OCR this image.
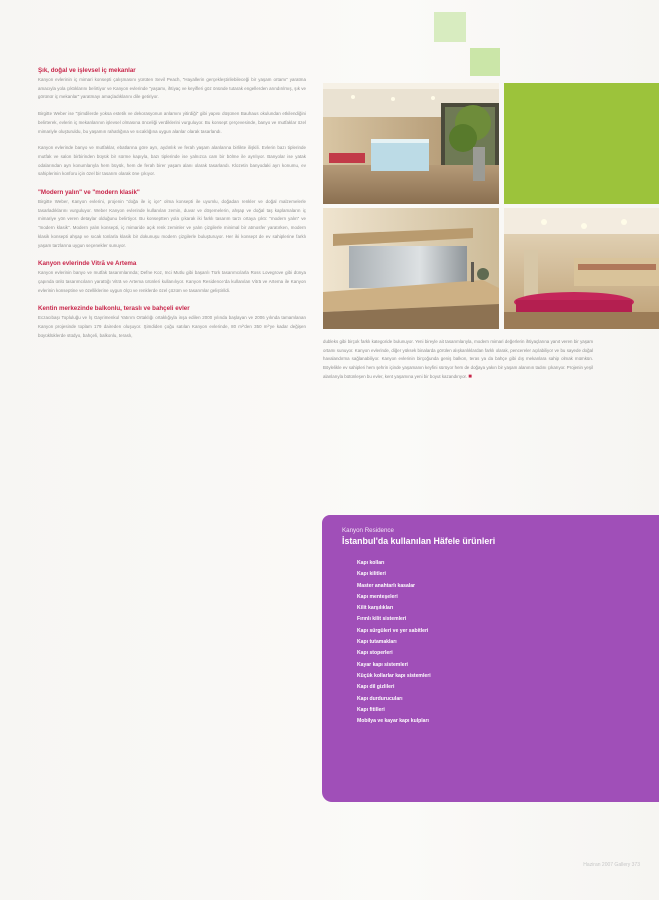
Şık, doğal ve işlevsel iç mekanlar

Kanyon evlerinin iç mimari konsepti çalışmasını yürüten Sevil Peach, "Hayallerin gerçekleştirilebileceği bir yaşam ortamı" yaratma amacıyla yola çıktıklarını belirtiyor ve Kanyon evlerinde "yaşamı, ihtiyaç ve keyifleri göz önünde tutarak engellerden arındırılmış, şık ve görünür iç mekanlar" yaratmayı amaçladıklarını dile getiriyor.

Birgitte Weber ise "Şimdilerde yoksa estetik ve dekorasyonun anlamını yitirdiği" gibi yapısı düşünen Bauhaus okulundan etkilendiğini belirterek, evlerin iç mekanlarının işlevsel olmasına önceliği verdiklerini vurguluyor. Bu konsept çerçevesinde, banyo ve mutfaklar özel mimariyle oluşturuldu, bu yaşamın rahatlığına ve sıcaklığına uygun alanlar olarak tasarlandı.

Kanyon evlerinde banyo ve mutfaklar, ebatlarına göre ayrı, aydınlık ve ferah yaşam alanlarına birlikte ilişkili. Evlerin bazı tiplerinde mutfak ve salon birbirinden büyük bir sürme kapıyla, bazı tiplerinde ise yalnızca cam bir bölme ile ayrılıyor. Banyolar ise yatak odalarından ayrı konumlarıyla hem büyük, hem de ferah birer yaşam alanı olarak tasarlandı. Klozetin banyodaki ayrı konumu, ev sahiplerinin konforu için özel bir tasarım olarak öne çıkıyor.

"Modern yalın" ve "modern klasik"

Birgitte Weber, Kanyon evlerini, projenin "doğa ile iç içe" olma konsepti ile uyumlu, doğadan renkler ve doğal malzemelerle tasarladıklarını vurguluyor. Weber Kanyon evlerinde kullanılan zemin, duvar ve döşemelerin, ahşap ve doğal taş kaplamaların iç mimariye yön veren detaylar olduğunu belirtiyor. Bu konseptten yola çıkarak iki farklı tasarım tarzı ortaya çıktı: "modern yalın" ve "modern klasik". Modern yalın konsepti, iç mimaride açık renk zeminler ve yalın çizgilerle minimal bir atmosfer yaratırken, modern klasik konsepti ahşap ve sıcak tonlarla klasik bir dokunuşu modern çizgilerle buluşturuyor. Her iki konsept de ev sahiplerine farklı yaşam tarzlarına uygun seçenekler sunuyor.

Kanyon evlerinde Vitrā ve Artema

Kanyon evlerinin banyo ve mutfak tasarımlarında; Defne Koz, Inci Mutlu gibi başarılı Türk tasarımcılarla Ross Lovegrove gibi dünya çapında ünlü tasarımcıların yarattığı Vitrā ve Artema ürünleri kullanılıyor. Kanyon Residence'da kullanılan Vitrā ve Artema ile Kanyon evlerinin konseptine ve özelliklerine uygun ölçü ve renklerde özel çözüm ve tasarımlar geliştirildi.

Kentin merkezinde balkonlu, teraslı ve bahçeli evler

Eczacıbaşı Topluluğu ve İş Gayrimenkul Yatırım Ortaklığı ortaklığıyla inşa edilen 2000 yılında başlayan ve 2006 yılında tamamlanan Kanyon projesinde toplam 179 daireden oluşuyor. Şimdiden çoğu satılan Kanyon evlerinde, 80 m²'den 350 m²'ye kadar değişen büyüklüklerde stüdyo, bahçeli, balkonlu, teraslı,

dubleks gibi birçok farklı kategoride bulunuyor. Yeni bireyle ait tasarımlarıyla, modern mimari değerlerin ihtiyaçlarına yanıt veren bir yaşam ortamı sunuyor. Kanyon evlerinde, diğer yüksek binalarda görülen alışkanlıklardan farklı olarak, pencereler açılabiliyor ve bu sayede doğal havalandırma sağlanabiliyor. Kanyon evlerinin birçoğunda geniş balkon, teras ya da bahçe gibi dış mekanlara sahip olmak mümkün. Böylelikle ev sahipleri hem şehrin içinde yaşamanın keyfini sürüyor hem de doğaya yakın bir yaşam alanının tadını çıkarıyor. Projenin yeşil alanlarıyla bütünleşen bu evler, kent yaşamına yeni bir boyut kazandırıyor. ■

Kanyon Residence
İstanbul'da kullanılan Häfele ürünleri
Kapı kolları
Kapı kilitleri
Master anahtarlı kasalar
Kapı menteşeleri
Kilit karşılıkları
Fırınlı kilit sistemleri
Kapı sürgüleri ve yer sabitleri
Kapı tutamakları
Kapı stoperleri
Kayar kapı sistemleri
Küçük kollarlar kapı sistemleri
Kapı dil gizlileri
Kapı durdurucuları
Kapı fitilleri
Mobilya ve kayar kapı kulpları
Haziran 2007 Gallery 373
